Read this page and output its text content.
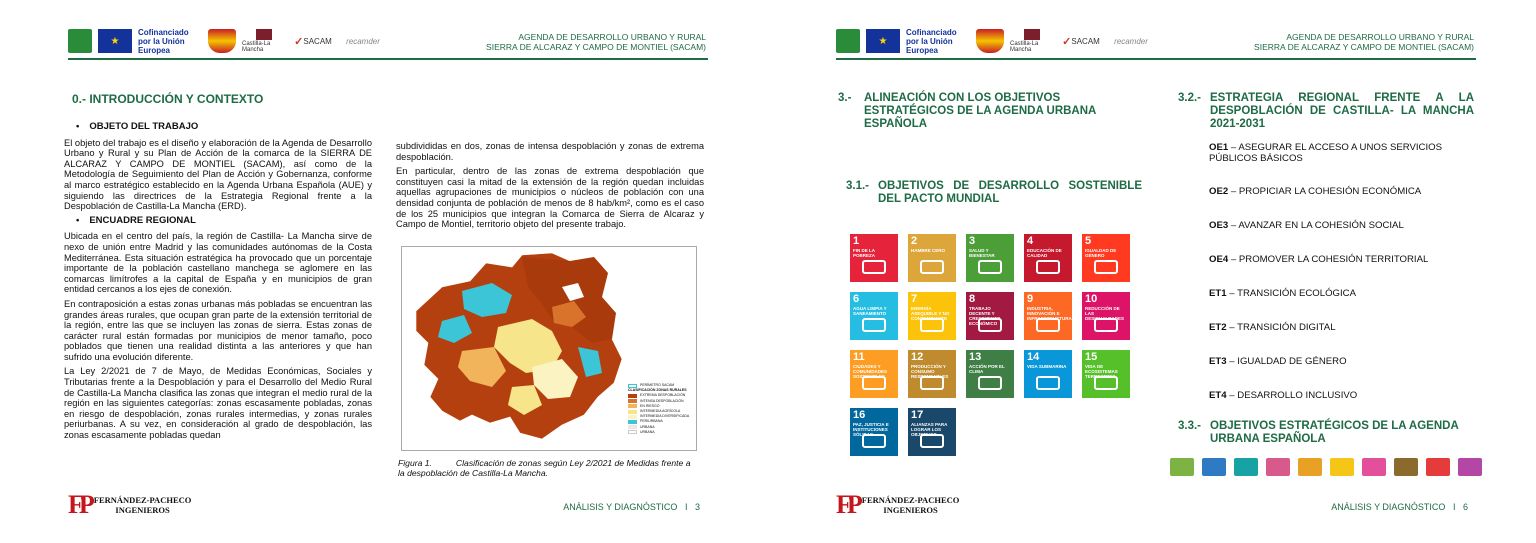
★
Cofinanciado por la Unión Europea
Castilla-La Mancha
✓ SACAM	recamder	AGENDA DE DESARROLLO URBANO Y RURAL
SIERRA DE ALCARAZ Y CAMPO DE MONTIEL (SACAM)
0.- INTRODUCCIÓN Y CONTEXTO
• OBJETO DEL TRABAJO

El objeto del trabajo es el diseño y elaboración de la Agenda de Desarrollo Urbano y Rural y su Plan de Acción de la comarca de la SIERRA DE ALCARAZ Y CAMPO DE MONTIEL (SACAM), así como de la Metodología de Seguimiento del Plan de Acción y Gobernanza, conforme al marco estratégico establecido en la Agenda Urbana Española (AUE) y siguiendo las directrices de la Estrategia Regional frente a la Despoblación de Castilla-La Mancha (ERD).

• ENCUADRE REGIONAL

Ubicada en el centro del país, la región de Castilla- La Mancha sirve de nexo de unión entre Madrid y las comunidades autónomas de la Costa Mediterránea. Esta situación estratégica ha provocado que un porcentaje importante de la población castellano manchega se aglomere en las comarcas limítrofes a la capital de España y en municipios de gran entidad cercanos a los ejes de conexión.

En contraposición a estas zonas urbanas más pobladas se encuentran las grandes áreas rurales, que ocupan gran parte de la extensión territorial de la región, entre las que se incluyen las zonas de sierra. Estas zonas de carácter rural están formadas por municipios de menor tamaño, poco poblados que tienen una realidad distinta a las anteriores y que han sufrido una evolución diferente.

La Ley 2/2021 de 7 de Mayo, de Medidas Económicas, Sociales y Tributarias frente a la Despoblación y para el Desarrollo del Medio Rural de Castilla-La Mancha clasifica las zonas que integran el medio rural de la región en las siguientes categorías: zonas escasamente pobladas, zonas en riesgo de despoblación, zonas rurales intermedias, y zonas rurales periurbanas. A su vez, en consideración al grado de despoblación, las zonas escasamente pobladas quedan

subdivididas en dos, zonas de intensa despoblación y zonas de extrema despoblación.

En particular, dentro de las zonas de extrema despoblación que constituyen casi la mitad de la extensión de la región quedan incluidas aquellas agrupaciones de municipios o núcleos de población con una densidad conjunta de población de menos de 8 hab/km², como es el caso de los 25 municipios que integran la Comarca de Sierra de Alcaraz y Campo de Montiel, territorio objeto del presente trabajo.

PERÍMETRO SACAM
CLASIFICACIÓN ZONAS RURALES
EXTREMA DESPOBLACIÓN
INTENSA DESPOBLACIÓN
EN RIESGO
INTERMEDIA AGRÍCOLA
INTERMEDIA DIVERSIFICADA
PERIURBANA
URBANA
URBANA
Figura 1.	Clasificación de zonas según Ley 2/2021 de Medidas frente a la despoblación de Castilla-La Mancha.
FP FERNÁNDEZ-PACHECO
INGENIEROS	ANÁLISIS Y DIAGNÓSTICO I 3
★
Cofinanciado por la Unión Europea
Castilla-La Mancha
✓ SACAM	recamder	AGENDA DE DESARROLLO URBANO Y RURAL
SIERRA DE ALCARAZ Y CAMPO DE MONTIEL (SACAM)
FP FERNÁNDEZ-PACHECO
INGENIEROS	ANÁLISIS Y DIAGNÓSTICO I 6
3.-	ALINEACIÓN CON LOS OBJETIVOS ESTRATÉGICOS DE LA AGENDA URBANA ESPAÑOLA
3.1.- OBJETIVOS DE DESARROLLO SOSTENIBLE DEL PACTO MUNDIAL
3.2.- ESTRATEGIA REGIONAL FRENTE A LA DESPOBLACIÓN DE CASTILLA- LA MANCHA 2021-2031
3.3.- OBJETIVOS ESTRATÉGICOS DE LA AGENDA URBANA ESPAÑOLA
1
FIN DE LA POBREZA
2
HAMBRE CERO
3
SALUD Y BIENESTAR
4
EDUCACIÓN DE CALIDAD
5
IGUALDAD DE GÉNERO
6
AGUA LIMPIA Y SANEAMIENTO
7
ENERGÍA ASEQUIBLE Y NO CONTAMINANTE
8
TRABAJO DECENTE Y CRECIMIENTO ECONÓMICO
9
INDUSTRIA, INNOVACIÓN E INFRAESTRUCTURA
10
REDUCCIÓN DE LAS DESIGUALDADES
11
CIUDADES Y COMUNIDADES SOSTENIBLES
12
PRODUCCIÓN Y CONSUMO RESPONSABLES
13
ACCIÓN POR EL CLIMA
14
VIDA SUBMARINA
15
VIDA DE ECOSISTEMAS TERRESTRES
16
PAZ, JUSTICIA E INSTITUCIONES SÓLIDAS
17
ALIANZAS PARA LOGRAR LOS OBJETIVOS
OE1 – ASEGURAR EL ACCESO A UNOS SERVICIOS PÚBLICOS BÁSICOS
OE2 – PROPICIAR LA COHESIÓN ECONÓMICA
OE3 – AVANZAR EN LA COHESIÓN SOCIAL
OE4 – PROMOVER LA COHESIÓN TERRITORIAL
ET1 – TRANSICIÓN ECOLÓGICA
ET2 – TRANSICIÓN DIGITAL
ET3 – IGUALDAD DE GÉNERO
ET4 – DESARROLLO INCLUSIVO
